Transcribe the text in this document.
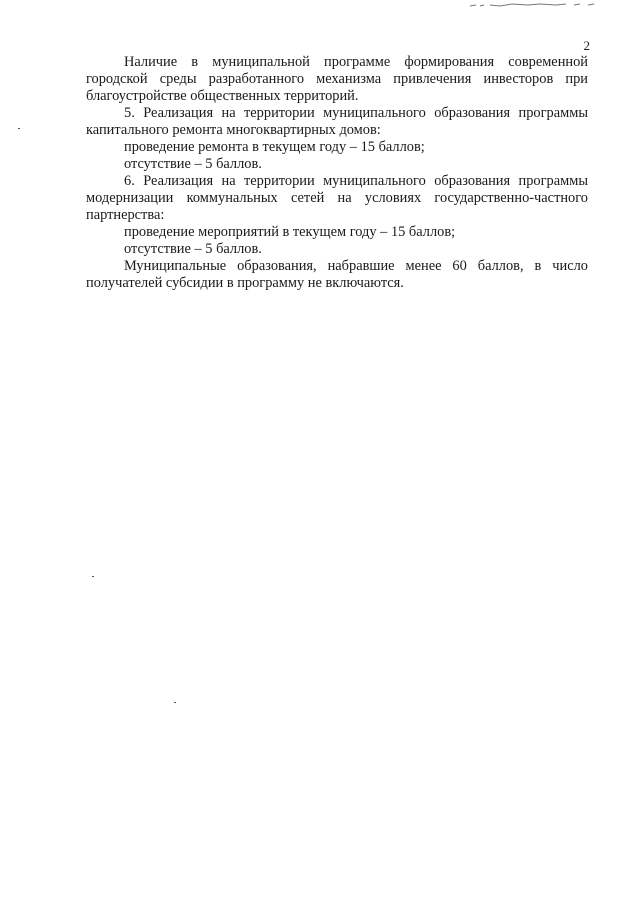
2

Наличие в муниципальной программе формирования современной городской среды разработанного механизма привлечения инвесторов при благоустройстве общественных территорий.

5. Реализация на территории муниципального образования программы капитального ремонта многоквартирных домов:

проведение ремонта в текущем году – 15 баллов;

отсутствие – 5 баллов.

6. Реализация на территории муниципального образования программы модернизации коммунальных сетей на условиях государственно-частного партнерства:

проведение мероприятий в текущем году – 15 баллов;

отсутствие – 5 баллов.

Муниципальные образования, набравшие менее 60 баллов, в число получателей субсидии в программу не включаются.
